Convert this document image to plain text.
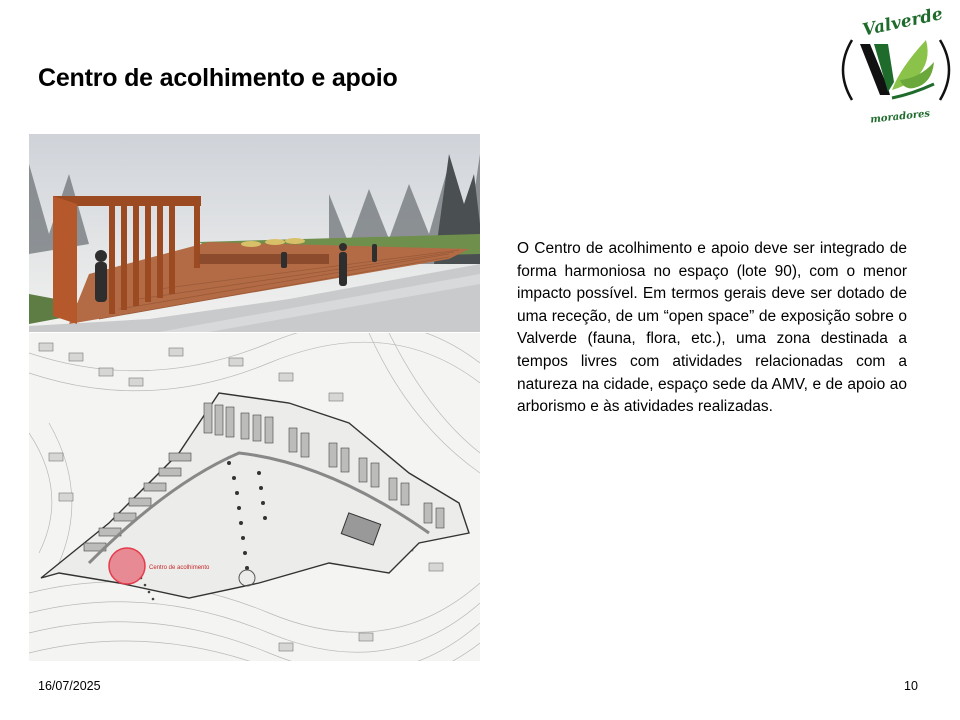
Centro de acolhimento e apoio
Valverde
moradores
Centro de acolhimento
O Centro de acolhimento e apoio deve ser integrado de forma harmoniosa no espaço (lote 90), com o menor impacto possível. Em termos gerais deve ser dotado de uma receção, de um “open space” de exposição sobre o Valverde (fauna, flora, etc.), uma zona destinada a tempos livres com atividades relacionadas com a natureza na cidade, espaço sede da AMV, e de apoio ao arborismo e às atividades realizadas.
16/07/2025	10
